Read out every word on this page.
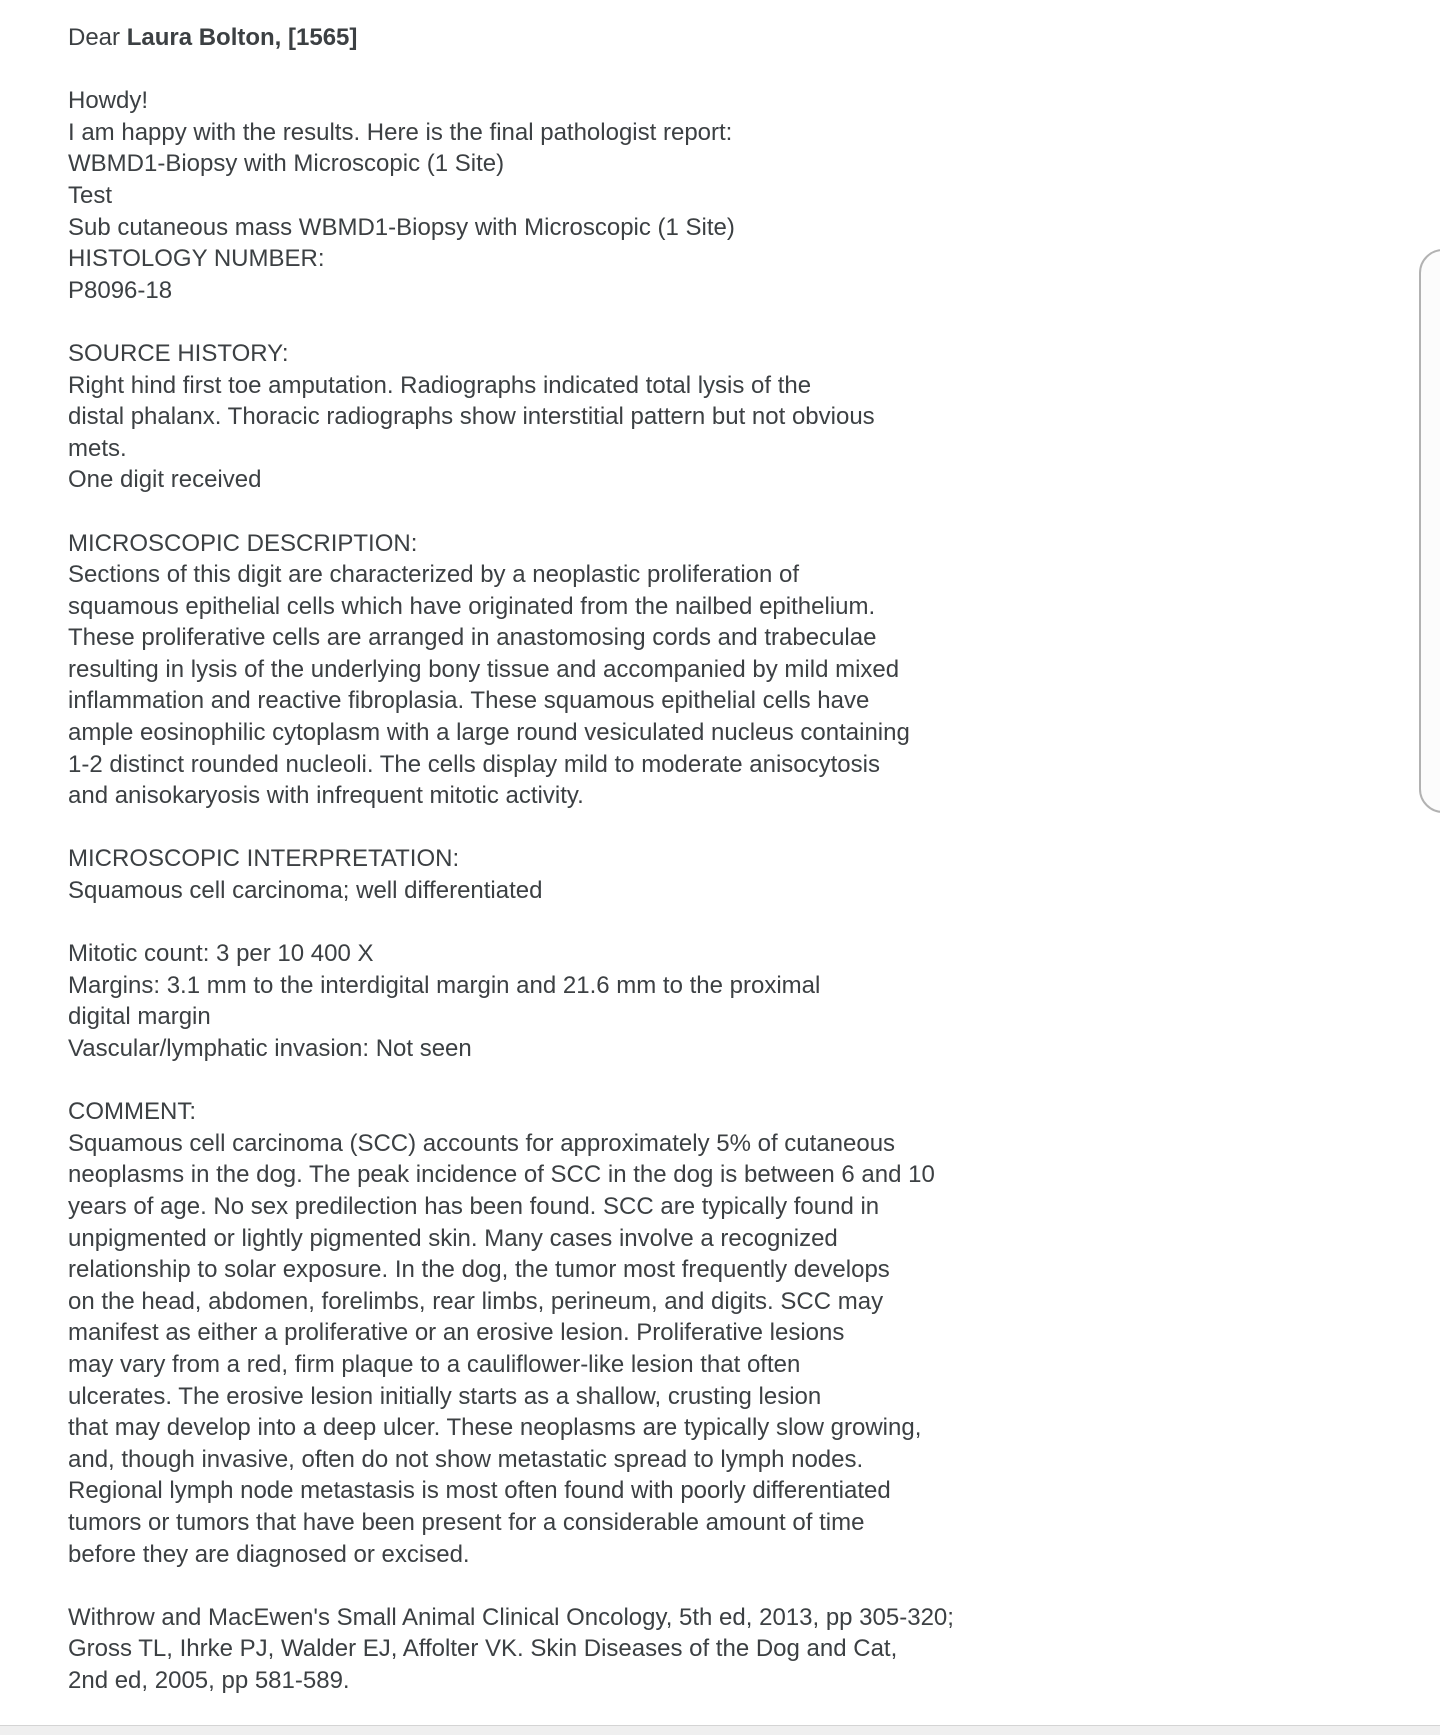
Dear Laura Bolton, [1565]

Howdy!
I am happy with the results. Here is the final pathologist report:
WBMD1-Biopsy with Microscopic (1 Site)
Test
Sub cutaneous mass WBMD1-Biopsy with Microscopic (1 Site)
HISTOLOGY NUMBER:
P8096-18

SOURCE HISTORY:
Right hind first toe amputation. Radiographs indicated total lysis of the
distal phalanx. Thoracic radiographs show interstitial pattern but not obvious
mets.
One digit received

MICROSCOPIC DESCRIPTION:
Sections of this digit are characterized by a neoplastic proliferation of
squamous epithelial cells which have originated from the nailbed epithelium.
These proliferative cells are arranged in anastomosing cords and trabeculae
resulting in lysis of the underlying bony tissue and accompanied by mild mixed
inflammation and reactive fibroplasia. These squamous epithelial cells have
ample eosinophilic cytoplasm with a large round vesiculated nucleus containing
1-2 distinct rounded nucleoli. The cells display mild to moderate anisocytosis
and anisokaryosis with infrequent mitotic activity.

MICROSCOPIC INTERPRETATION:
Squamous cell carcinoma; well differentiated

Mitotic count: 3 per 10 400 X
Margins: 3.1 mm to the interdigital margin and 21.6 mm to the proximal
digital margin
Vascular/lymphatic invasion: Not seen

COMMENT:
Squamous cell carcinoma (SCC) accounts for approximately 5% of cutaneous
neoplasms in the dog. The peak incidence of SCC in the dog is between 6 and 10
years of age. No sex predilection has been found. SCC are typically found in
unpigmented or lightly pigmented skin. Many cases involve a recognized
relationship to solar exposure. In the dog, the tumor most frequently develops
on the head, abdomen, forelimbs, rear limbs, perineum, and digits. SCC may
manifest as either a proliferative or an erosive lesion. Proliferative lesions
may vary from a red, firm plaque to a cauliflower-like lesion that often
ulcerates. The erosive lesion initially starts as a shallow, crusting lesion
that may develop into a deep ulcer. These neoplasms are typically slow growing,
and, though invasive, often do not show metastatic spread to lymph nodes.
Regional lymph node metastasis is most often found with poorly differentiated
tumors or tumors that have been present for a considerable amount of time
before they are diagnosed or excised.

Withrow and MacEwen's Small Animal Clinical Oncology, 5th ed, 2013, pp 305-320;
Gross TL, Ihrke PJ, Walder EJ, Affolter VK. Skin Diseases of the Dog and Cat,
2nd ed, 2005, pp 581-589.
